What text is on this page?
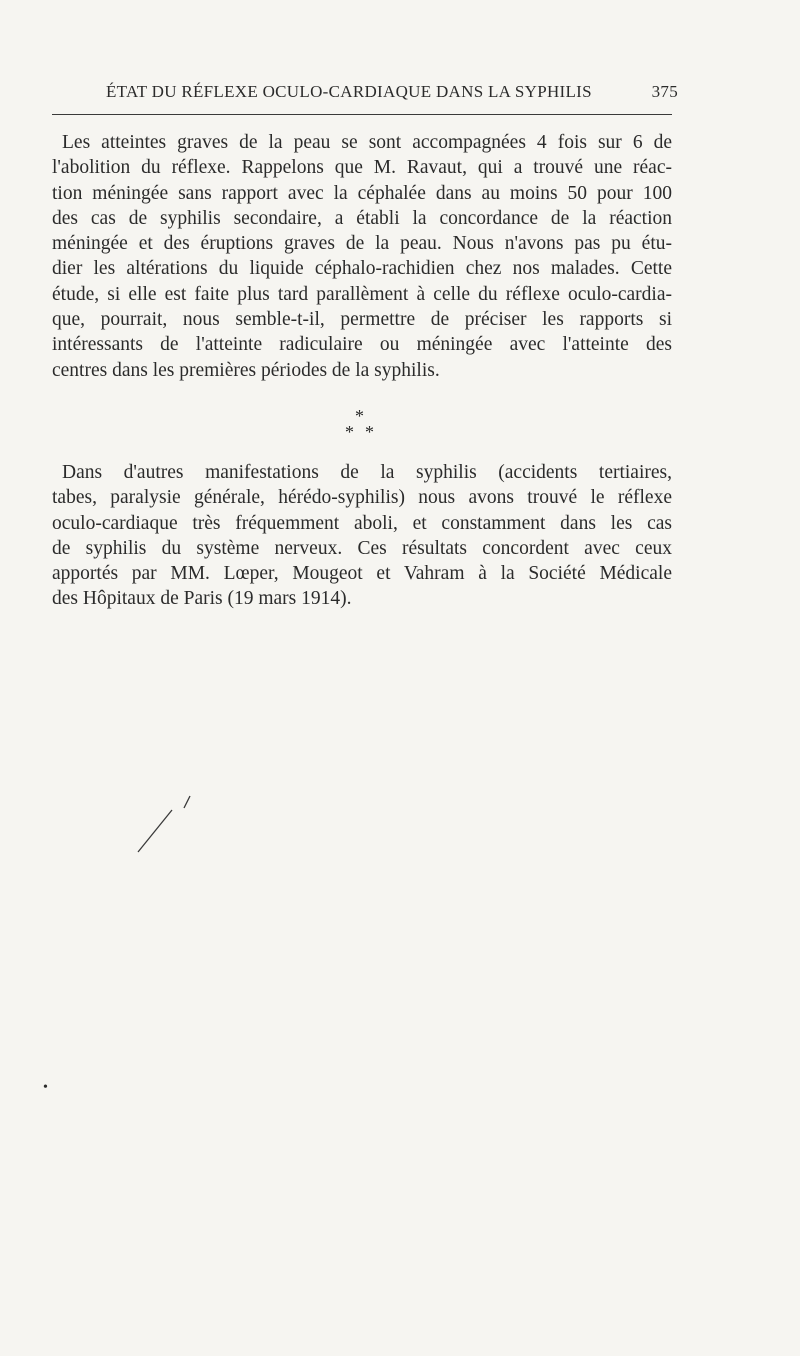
ÉTAT DU RÉFLEXE OCULO-CARDIAQUE DANS LA SYPHILIS	375
Les atteintes graves de la peau se sont accompagnées 4 fois sur 6 de
l'abolition du réflexe. Rappelons que M. Ravaut, qui a trouvé une réac-
tion méningée sans rapport avec la céphalée dans au moins 50 pour 100
des cas de syphilis secondaire, a établi la concordance de la réaction
méningée et des éruptions graves de la peau. Nous n'avons pas pu étu-
dier les altérations du liquide céphalo-rachidien chez nos malades. Cette
étude, si elle est faite plus tard parallèment à celle du réflexe oculo-cardia-
que, pourrait, nous semble-t-il, permettre de préciser les rapports si
intéressants de l'atteinte radiculaire ou méningée avec l'atteinte des
centres dans les premières périodes de la syphilis.
*
* *
Dans d'autres manifestations de la syphilis (accidents tertiaires,
tabes, paralysie générale, hérédo-syphilis) nous avons trouvé le réflexe
oculo-cardiaque très fréquemment aboli, et constamment dans les cas
de syphilis du système nerveux. Ces résultats concordent avec ceux
apportés par MM. Lœper, Mougeot et Vahram à la Société Médicale
des Hôpitaux de Paris (19 mars 1914).
•
